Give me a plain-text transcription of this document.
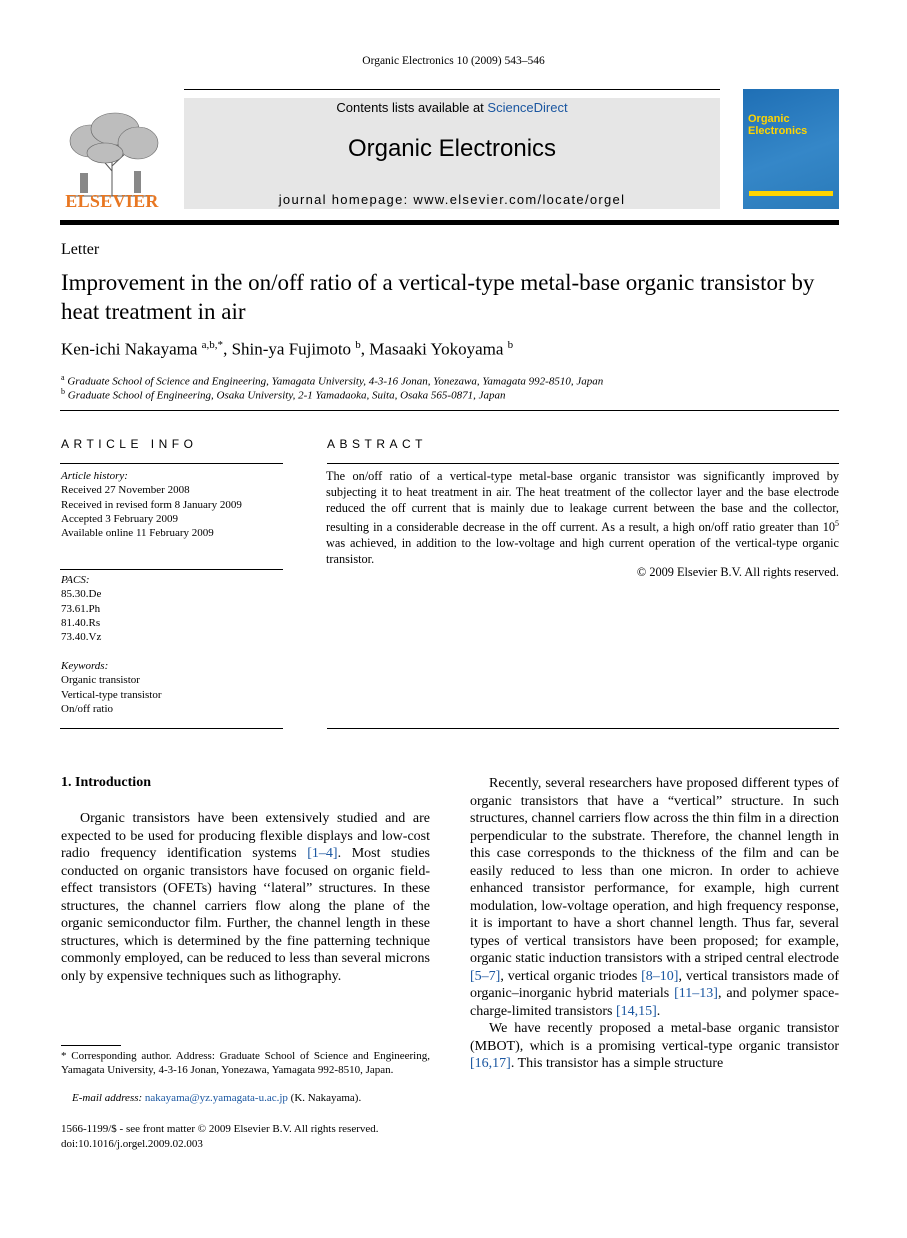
Organic Electronics 10 (2009) 543–546
ELSEVIER
Contents lists available at ScienceDirect
Organic Electronics
journal homepage: www.elsevier.com/locate/orgel
Organic
Electronics
Letter
Improvement in the on/off ratio of a vertical-type metal-base organic transistor by heat treatment in air
Ken-ichi Nakayama $^{a,b,*}$, Shin-ya Fujimoto $^b$, Masaaki Yokoyama $^b$
$^a$ Graduate School of Science and Engineering, Yamagata University, 4-3-16 Jonan, Yonezawa, Yamagata 992-8510, Japan
$^b$ Graduate School of Engineering, Osaka University, 2-1 Yamadaoka, Suita, Osaka 565-0871, Japan
ARTICLE INFO	ABSTRACT
Article history:
Received 27 November 2008
Received in revised form 8 January 2009
Accepted 3 February 2009
Available online 11 February 2009
PACS:
85.30.De
73.61.Ph
81.40.Rs
73.40.Vz
Keywords:
Organic transistor
Vertical-type transistor
On/off ratio
The on/off ratio of a vertical-type metal-base organic transistor was significantly improved by subjecting it to heat treatment in air. The heat treatment of the collector layer and the base electrode reduced the off current that is mainly due to leakage current between the base and the collector, resulting in a considerable decrease in the off current. As a result, a high on/off ratio greater than $10^5$ was achieved, in addition to the low-voltage and high current operation of the vertical-type organic transistor.
© 2009 Elsevier B.V. All rights reserved.
1. Introduction

Organic transistors have been extensively studied and are expected to be used for producing flexible displays and low-cost radio frequency identification systems [1–4]. Most studies conducted on organic transistors have focused on organic field-effect transistors (OFETs) having ‘‘lateral” structures. In these structures, the channel carriers flow along the plane of the organic semiconductor film. Further, the channel length in these structures, which is determined by the fine patterning technique commonly employed, can be reduced to less than several microns only by expensive techniques such as lithography.

Recently, several researchers have proposed different types of organic transistors that have a “vertical” structure. In such structures, channel carriers flow across the thin film in a direction perpendicular to the substrate. Therefore, the channel length in this case corresponds to the thickness of the film and can be easily reduced to less than one micron. In order to achieve enhanced transistor performance, for example, high current modulation, low-voltage operation, and high frequency response, it is important to have a short channel length. Thus far, several types of vertical transistors have been proposed; for example, organic static induction transistors with a striped central electrode [5–7], vertical organic triodes [8–10], vertical transistors made of organic–inorganic hybrid materials [11–13], and polymer space-charge-limited transistors [14,15].

We have recently proposed a metal-base organic transistor (MBOT), which is a promising vertical-type organic transistor [16,17]. This transistor has a simple structure

* Corresponding author. Address: Graduate School of Science and Engineering, Yamagata University, 4-3-16 Jonan, Yonezawa, Yamagata 992-8510, Japan.
E-mail address: nakayama@yz.yamagata-u.ac.jp (K. Nakayama).
1566-1199/$ - see front matter © 2009 Elsevier B.V. All rights reserved.
doi:10.1016/j.orgel.2009.02.003
